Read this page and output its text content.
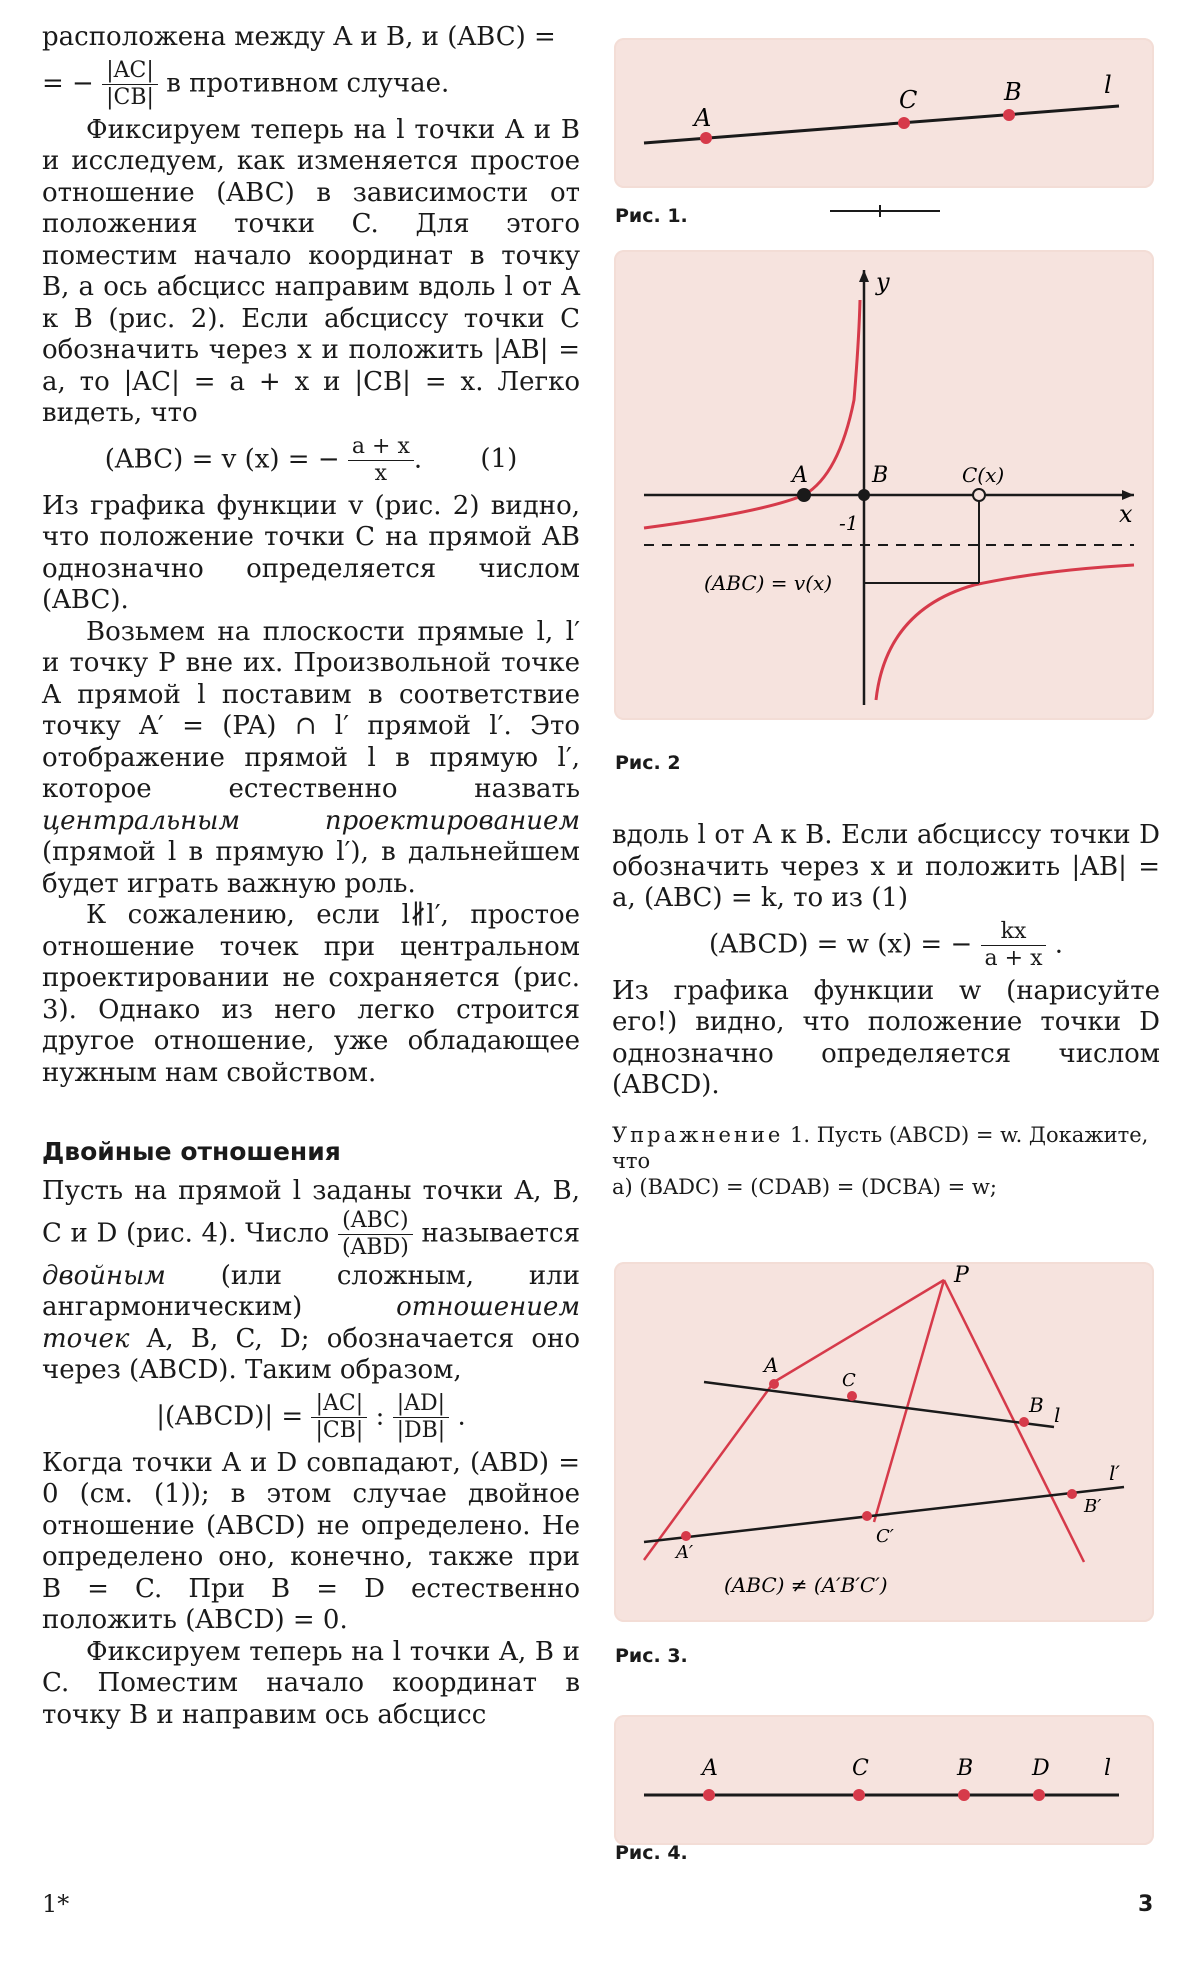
расположена между A и B, и (ABC) =

= − $\frac{|AC|}{|CB|}$ в противном случае.

Фиксируем теперь на l точки A и B и исследуем, как изменяется простое отношение (ABC) в зависимости от положения точки C. Для этого поместим начало координат в точку B, а ось абсцисс направим вдоль l от A к B (рис. 2). Если абсциссу точки C обозначить через x и положить |AB| = a, то |AC| = a + x и |CB| = x. Легко видеть, что

(ABC) = v (x) = − $\frac{a + x}{x}$ . (1)

Из графика функции v (рис. 2) видно, что положение точки C на прямой AB однозначно определяется числом (ABC).

Возьмем на плоскости прямые l, l′ и точку P вне их. Произвольной точке A прямой l поставим в соответствие точку A′ = (PA) ∩ l′ прямой l′. Это отображение прямой l в прямую l′, которое естественно назвать центральным проектированием (прямой l в прямую l′), в дальнейшем будет играть важную роль.

К сожалению, если l∦l′, простое отношение точек при центральном проектировании не сохраняется (рис. 3). Однако из него легко строится другое отношение, уже обладающее нужным нам свойством.

Двойные отношения

Пусть на прямой l заданы точки A, B, C и D (рис. 4). Число $\frac{\text{(ABC)}}{\text{(ABD)}}$ называется двойным (или сложным, или ангармоническим) отношением точек A, B, C, D; обозначается оно через (ABCD). Таким образом,

|(ABCD)| = $\frac{|AC|}{|CB|}$ : $\frac{|AD|}{|DB|}$ .

Когда точки A и D совпадают, (ABD) = 0 (см. (1)); в этом случае двойное отношение (ABCD) не определено. Не определено оно, конечно, также при B = C. При B = D естественно положить (ABCD) = 0.

Фиксируем теперь на l точки A, B и C. Поместим начало координат в точку B и направим ось абсцисс

A
C	B	l
Рис. 1.
A	B	C(x)
-1
(ABC) = v(x)
x
y
Рис. 2

вдоль l от A к B. Если абсциссу точки D обозначить через x и положить |AB| = a, (ABC) = k, то из (1)

(ABCD) = w (x) = − $\frac{kx}{a + x}$ .

Из графика функции w (нарисуйте его!) видно, что положение точки D однозначно определяется числом (ABCD).

Упражнение 1. Пусть (ABCD) = w. Докажите, что
а) (BADC) = (CDAB) = (DCBA) = w;

P
A
C
B l
A′
C′
B′
l′
(ABC) ≠ (A′B′C′)
Рис. 3.
A	C	B	D l
Рис. 4.
1*	3
